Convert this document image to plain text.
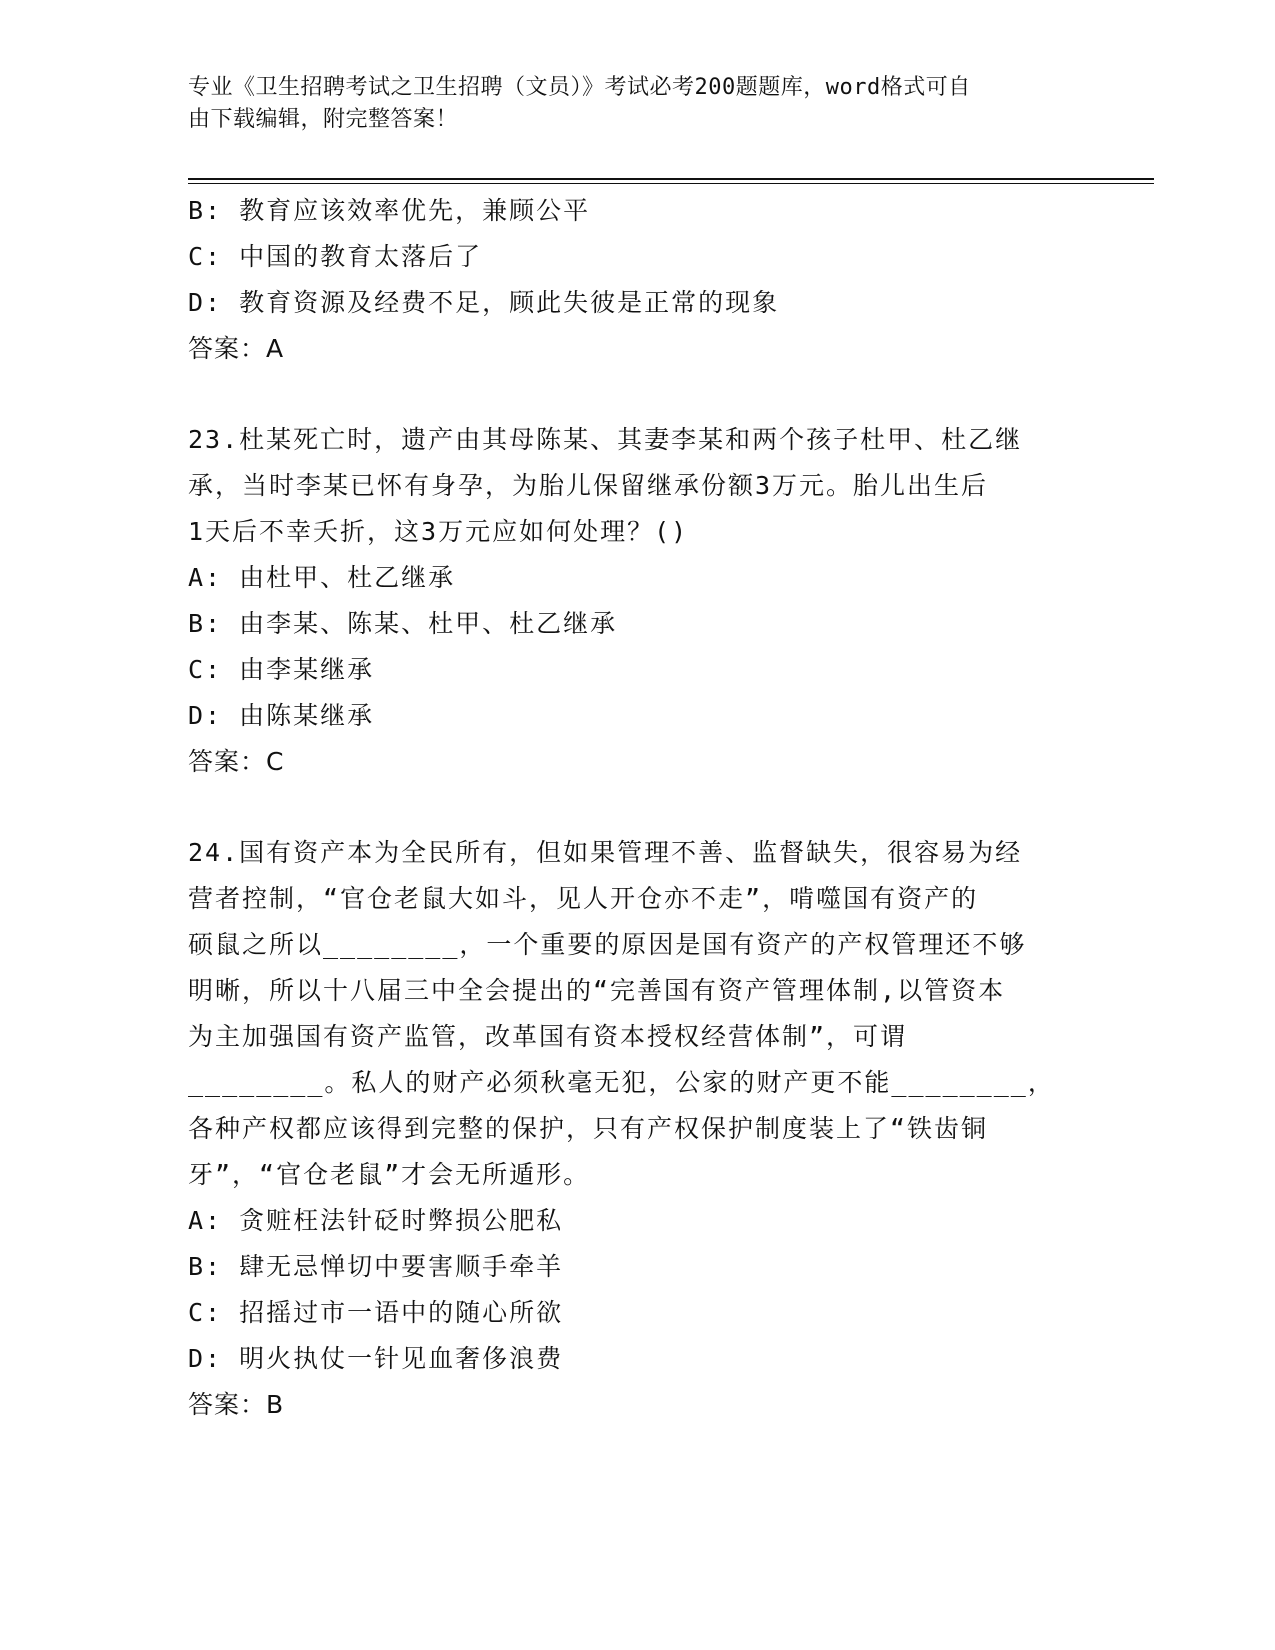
专业《卫生招聘考试之卫生招聘（文员）》考试必考200题题库，word格式可自
由下载编辑，附完整答案！
B: 教育应该效率优先，兼顾公平
C: 中国的教育太落后了
D: 教育资源及经费不足，顾此失彼是正常的现象
答案：A
23.杜某死亡时，遗产由其母陈某、其妻李某和两个孩子杜甲、杜乙继
承，当时李某已怀有身孕，为胎儿保留继承份额3万元。胎儿出生后
1天后不幸夭折，这3万元应如何处理？()
A: 由杜甲、杜乙继承
B: 由李某、陈某、杜甲、杜乙继承
C: 由李某继承
D: 由陈某继承
答案：C
24.国有资产本为全民所有，但如果管理不善、监督缺失，很容易为经
营者控制，“官仓老鼠大如斗，见人开仓亦不走”，啃噬国有资产的
硕鼠之所以________，一个重要的原因是国有资产的产权管理还不够
明晰，所以十八届三中全会提出的“完善国有资产管理体制,以管资本
为主加强国有资产监管，改革国有资本授权经营体制”，可谓
________。私人的财产必须秋毫无犯，公家的财产更不能________，
各种产权都应该得到完整的保护，只有产权保护制度装上了“铁齿铜
牙”，“官仓老鼠”才会无所遁形。
A: 贪赃枉法针砭时弊损公肥私
B: 肆无忌惮切中要害顺手牵羊
C: 招摇过市一语中的随心所欲
D: 明火执仗一针见血奢侈浪费
答案：B
